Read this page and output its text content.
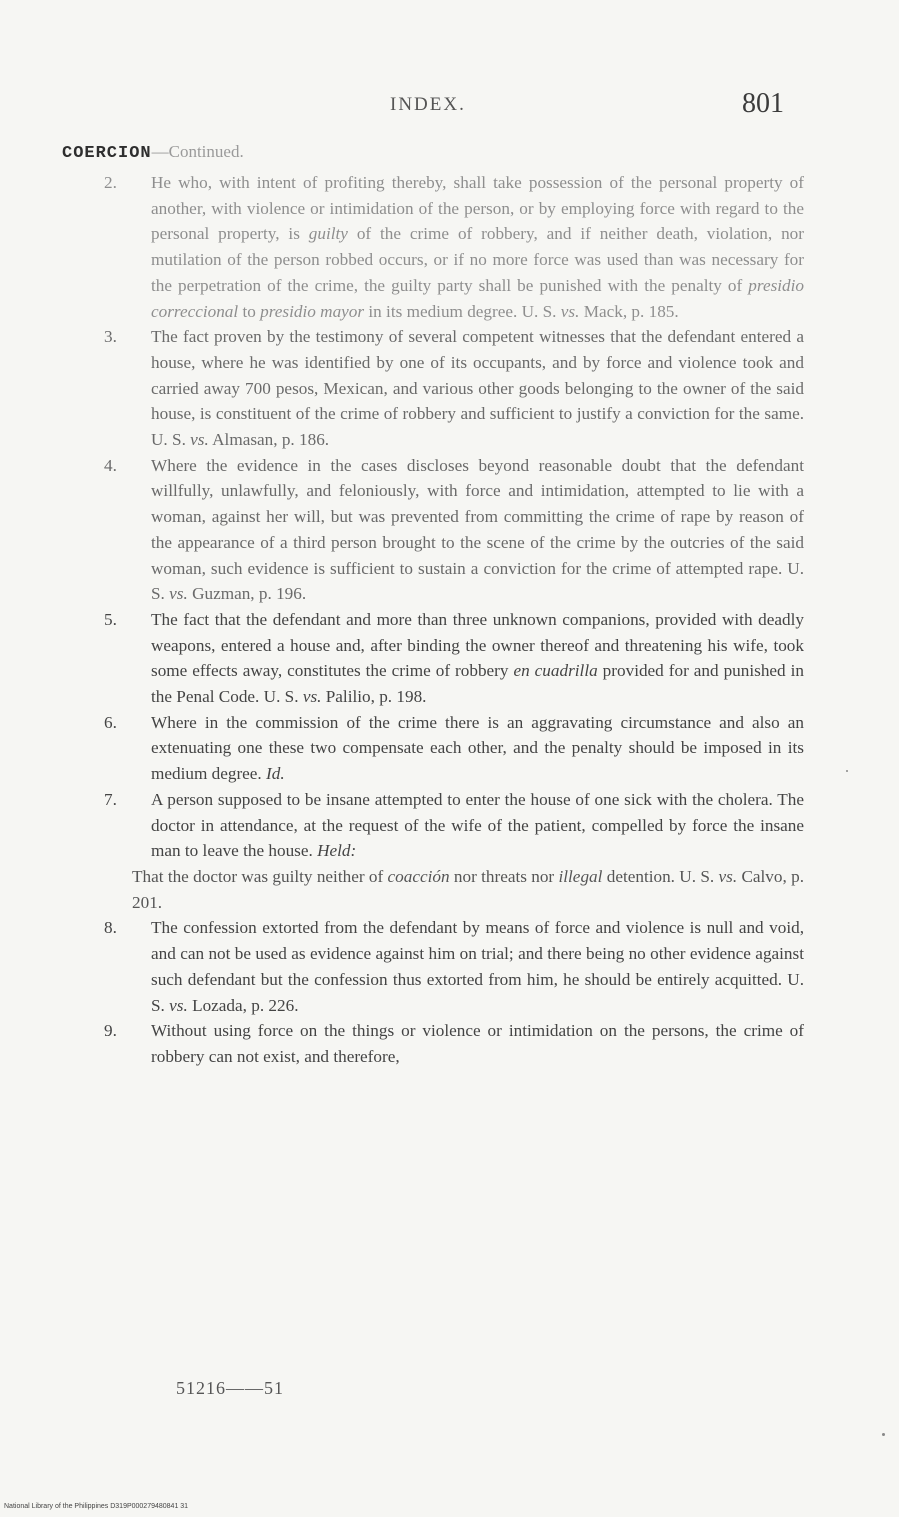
INDEX.	801
COERCION—Continued.
2. He who, with intent of profiting thereby, shall take possession of the personal property of another, with violence or intimidation of the person, or by employing force with regard to the personal property, is guilty of the crime of robbery, and if neither death, violation, nor mutilation of the person robbed occurs, or if no more force was used than was necessary for the perpetration of the crime, the guilty party shall be punished with the penalty of presidio correccional to presidio mayor in its medium degree. U. S. vs. Mack, p. 185.
3. The fact proven by the testimony of several competent witnesses that the defendant entered a house, where he was identified by one of its occupants, and by force and violence took and carried away 700 pesos, Mexican, and various other goods belonging to the owner of the said house, is constituent of the crime of robbery and sufficient to justify a conviction for the same. U. S. vs. Almasan, p. 186.
4. Where the evidence in the cases discloses beyond reasonable doubt that the defendant willfully, unlawfully, and feloniously, with force and intimidation, attempted to lie with a woman, against her will, but was prevented from committing the crime of rape by reason of the appearance of a third person brought to the scene of the crime by the outcries of the said woman, such evidence is sufficient to sustain a conviction for the crime of attempted rape. U. S. vs. Guzman, p. 196.
5. The fact that the defendant and more than three unknown companions, provided with deadly weapons, entered a house and, after binding the owner thereof and threatening his wife, took some effects away, constitutes the crime of robbery en cuadrilla provided for and punished in the Penal Code. U. S. vs. Palilio, p. 198.
6. Where in the commission of the crime there is an aggravating circumstance and also an extenuating one these two compensate each other, and the penalty should be imposed in its medium degree. Id.
7. A person supposed to be insane attempted to enter the house of one sick with the cholera. The doctor in attendance, at the request of the wife of the patient, compelled by force the insane man to leave the house. Held:
That the doctor was guilty neither of coacción nor threats nor illegal detention. U. S. vs. Calvo, p. 201.
8. The confession extorted from the defendant by means of force and violence is null and void, and can not be used as evidence against him on trial; and there being no other evidence against such defendant but the confession thus extorted from him, he should be entirely acquitted. U. S. vs. Lozada, p. 226.
9. Without using force on the things or violence or intimidation on the persons, the crime of robbery can not exist, and therefore,
51216——51
National Library of the Philippines D319P000279480841 31
